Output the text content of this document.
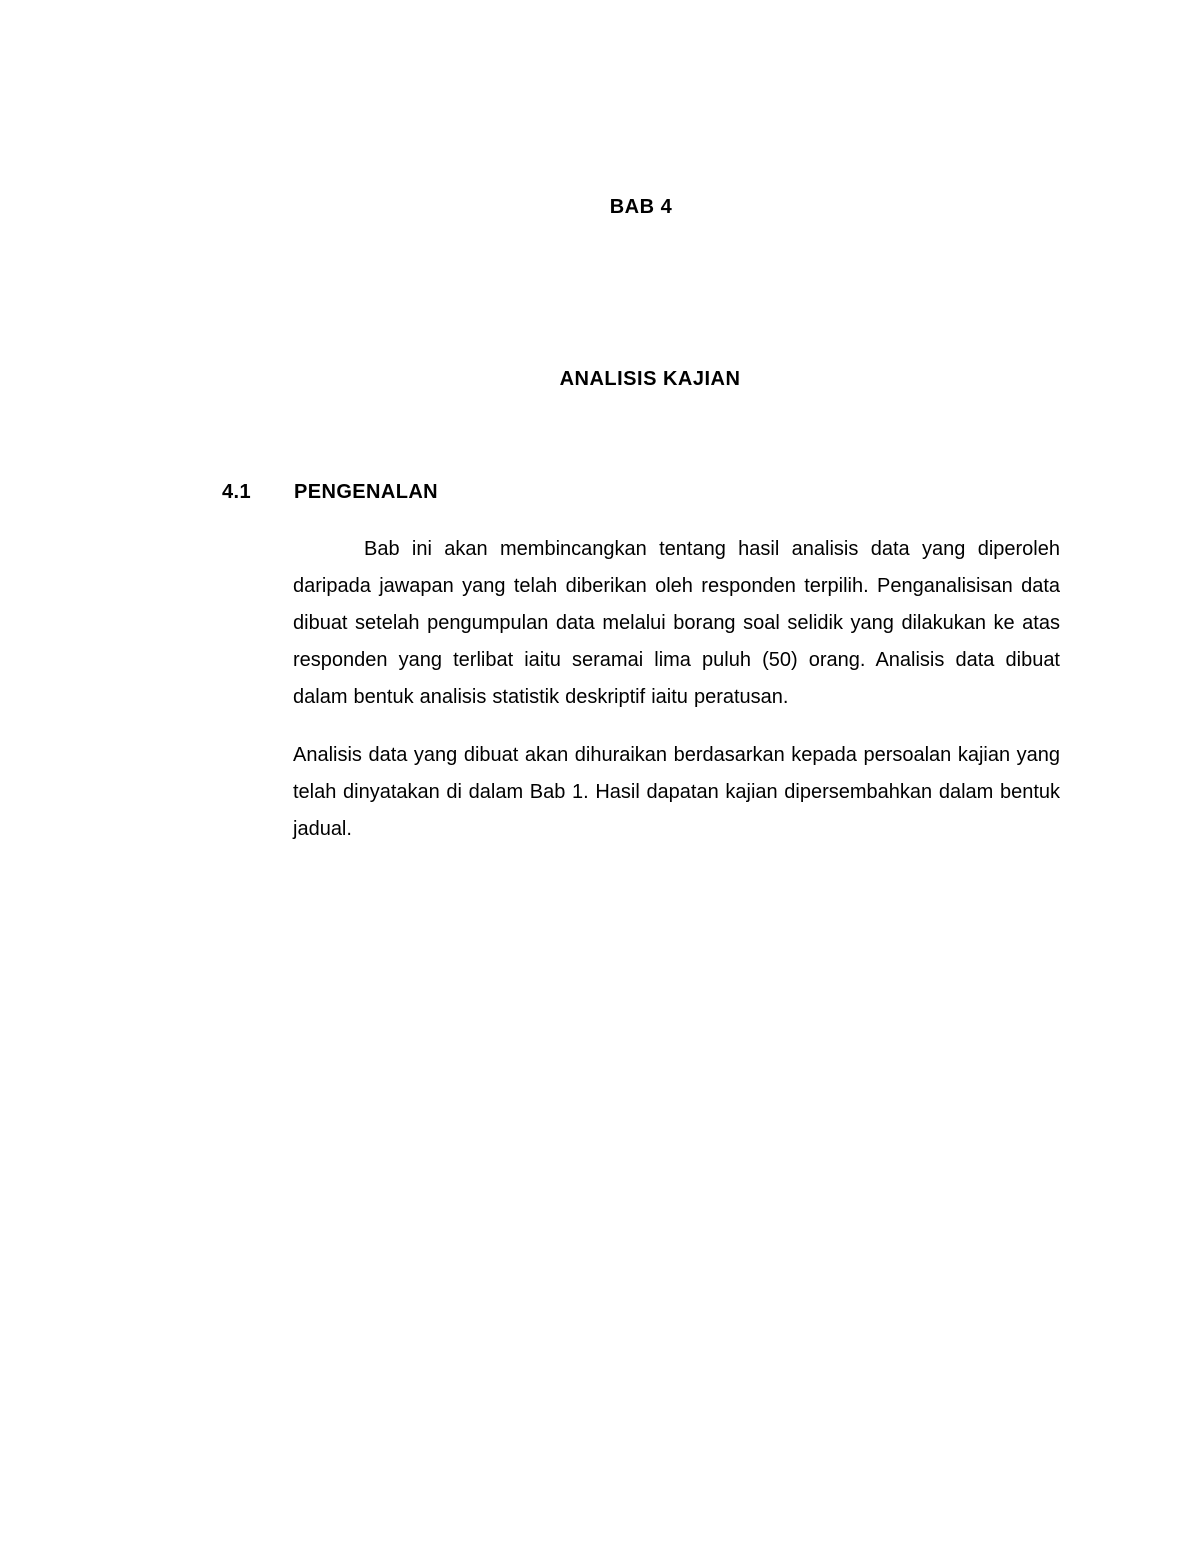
BAB 4
ANALISIS KAJIAN
4.1 PENGENALAN

Bab ini akan membincangkan tentang hasil analisis data yang diperoleh daripada jawapan yang telah diberikan oleh responden terpilih. Penganalisisan data dibuat setelah pengumpulan data melalui borang soal selidik yang dilakukan ke atas responden yang terlibat iaitu seramai lima puluh (50) orang. Analisis data dibuat dalam bentuk analisis statistik deskriptif iaitu peratusan.

Analisis data yang dibuat akan dihuraikan berdasarkan kepada persoalan kajian yang telah dinyatakan di dalam Bab 1. Hasil dapatan kajian dipersembahkan dalam bentuk jadual.
